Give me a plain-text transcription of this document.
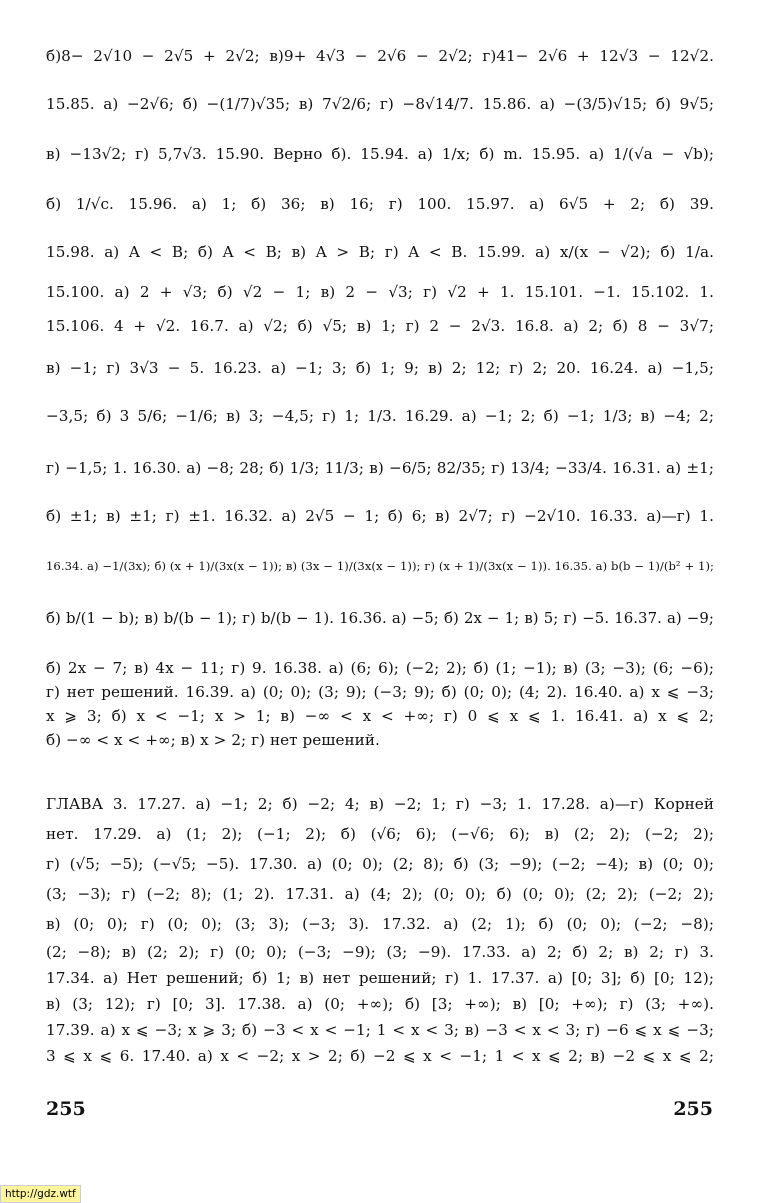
б)8− 2√10 − 2√5 + 2√2; в)9+ 4√3 − 2√6 − 2√2; г)41− 2√6 + 12√3 − 12√2.
15.85. а) −2√6; б) −(1/7)√35; в) 7√2/6; г) −8√14/7. 15.86. а) −(3/5)√15; б) 9√5;
в) −13√2; г) 5,7√3. 15.90. Верно б). 15.94. а) 1/x; б) m. 15.95. а) 1/(√a − √b);
б) 1/√c. 15.96. а) 1; б) 36; в) 16; г) 100. 15.97. а) 6√5 + 2; б) 39.
15.98. а) A < B; б) A < B; в) A > B; г) A < B. 15.99. а) x/(x − √2); б) 1/a.
15.100. а) 2 + √3; б) √2 − 1; в) 2 − √3; г) √2 + 1. 15.101. −1. 15.102. 1.
15.106. 4 + √2. 16.7. а) √2; б) √5; в) 1; г) 2 − 2√3. 16.8. а) 2; б) 8 − 3√7;
в) −1; г) 3√3 − 5. 16.23. а) −1; 3; б) 1; 9; в) 2; 12; г) 2; 20. 16.24. а) −1,5;
−3,5; б) 3 5/6; −1/6; в) 3; −4,5; г) 1; 1/3. 16.29. а) −1; 2; б) −1; 1/3; в) −4; 2;
г) −1,5; 1. 16.30. а) −8; 28; б) 1/3; 11/3; в) −6/5; 82/35; г) 13/4; −33/4. 16.31. а) ±1;
б) ±1; в) ±1; г) ±1. 16.32. а) 2√5 − 1; б) 6; в) 2√7; г) −2√10. 16.33. а)—г) 1.
16.34. а) −1/(3x); б) (x + 1)/(3x(x − 1)); в) (3x − 1)/(3x(x − 1)); г) (x + 1)/(3x(x − 1)). 16.35. а) b(b − 1)/(b² + 1);
б) b/(1 − b); в) b/(b − 1); г) b/(b − 1). 16.36. а) −5; б) 2x − 1; в) 5; г) −5. 16.37. а) −9;
б) 2x − 7; в) 4x − 11; г) 9. 16.38. а) (6; 6); (−2; 2); б) (1; −1); в) (3; −3); (6; −6);
г) нет решений. 16.39. а) (0; 0); (3; 9); (−3; 9); б) (0; 0); (4; 2). 16.40. а) x ⩽ −3;
x ⩾ 3; б) x < −1; x > 1; в) −∞ < x < +∞; г) 0 ⩽ x ⩽ 1. 16.41. а) x ⩽ 2;
б) −∞ < x < +∞; в) x > 2; г) нет решений.
ГЛАВА 3. 17.27. а) −1; 2; б) −2; 4; в) −2; 1; г) −3; 1. 17.28. а)—г) Корней
нет. 17.29. а) (1; 2); (−1; 2); б) (√6; 6); (−√6; 6); в) (2; 2); (−2; 2);
г) (√5; −5); (−√5; −5). 17.30. а) (0; 0); (2; 8); б) (3; −9); (−2; −4); в) (0; 0);
(3; −3); г) (−2; 8); (1; 2). 17.31. а) (4; 2); (0; 0); б) (0; 0); (2; 2); (−2; 2);
в) (0; 0); г) (0; 0); (3; 3); (−3; 3). 17.32. а) (2; 1); б) (0; 0); (−2; −8);
(2; −8); в) (2; 2); г) (0; 0); (−3; −9); (3; −9). 17.33. а) 2; б) 2; в) 2; г) 3.
17.34. а) Нет решений; б) 1; в) нет решений; г) 1. 17.37. а) [0; 3]; б) [0; 12);
в) (3; 12); г) [0; 3]. 17.38. а) (0; +∞); б) [3; +∞); в) [0; +∞); г) (3; +∞).
17.39. а) x ⩽ −3; x ⩾ 3; б) −3 < x < −1; 1 < x < 3; в) −3 < x < 3; г) −6 ⩽ x ⩽ −3;
3 ⩽ x ⩽ 6. 17.40. а) x < −2; x > 2; б) −2 ⩽ x < −1; 1 < x ⩽ 2; в) −2 ⩽ x ⩽ 2;
255	255
http://gdz.wtf
